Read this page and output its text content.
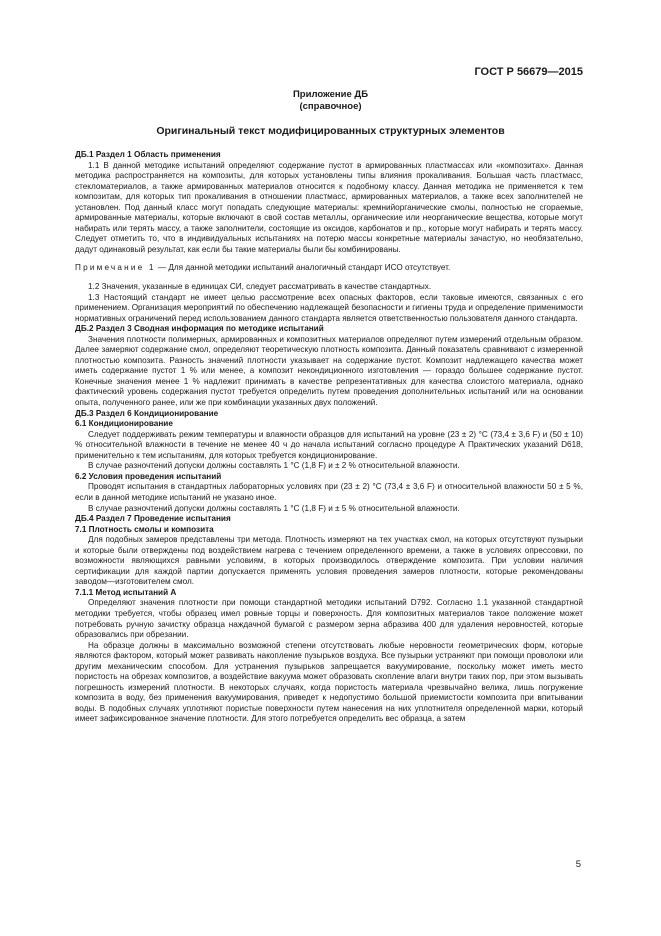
ГОСТ Р 56679—2015
Приложение ДБ
(справочное)
Оригинальный текст модифицированных структурных элементов

ДБ.1 Раздел 1 Область применения

1.1 В данной методике испытаний определяют содержание пустот в армированных пластмассах или «композитах». Данная методика распространяется на композиты, для которых установлены типы влияния прокаливания. Большая часть пластмасс, стекломатериалов, а также армированных материалов относится к подобному классу. Данная методика не применяется к тем композитам, для которых тип прокаливания в отношении пластмасс, армированных материалов, а также всех заполнителей не установлен. Под данный класс могут попадать следующие материалы: кремнийорганические смолы, полностью не сгораемые, армированные материалы, которые включают в свой состав металлы, органические или неорганические вещества, которые могут набирать или терять массу, а также заполнители, состоящие из оксидов, карбонатов и пр., которые могут набирать и терять массу. Следует отметить то, что в индивидуальных испытаниях на потерю массы конкретные материалы зачастую, но необязательно, дадут одинаковый результат, как если бы такие материалы были бы комбинированы.

Примечание 1 — Для данной методики испытаний аналогичный стандарт ИСО отсутствует.

1.2 Значения, указанные в единицах СИ, следует рассматривать в качестве стандартных.

1.3 Настоящий стандарт не имеет целью рассмотрение всех опасных факторов, если таковые имеются, связанных с его применением. Организация мероприятий по обеспечению надлежащей безопасности и гигиены труда и определение применимости нормативных ограничений перед использованием данного стандарта является ответственностью пользователя данного стандарта.

ДБ.2 Раздел 3 Сводная информация по методике испытаний

Значения плотности полимерных, армированных и композитных материалов определяют путем измерений отдельным образом. Далее замеряют содержание смол, определяют теоретическую плотность композита. Данный показатель сравнивают с измеренной плотностью композита. Разность значений плотности указывает на содержание пустот. Композит надлежащего качества может иметь содержание пустот 1 % или менее, а композит некондиционного изготовления — гораздо большее содержание пустот. Конечные значения менее 1 % надлежит принимать в качестве репрезентативных для качества слоистого материала, однако фактический уровень содержания пустот требуется определить путем проведения дополнительных испытаний или на основании опыта, полученного ранее, или же при комбинации указанных двух положений.

ДБ.3 Раздел 6 Кондиционирование

6.1 Кондиционирование

Следует поддерживать режим температуры и влажности образцов для испытаний на уровне (23 ± 2) °С (73,4 ± 3,6 F) и (50 ± 10) % относительной влажности в течение не менее 40 ч до начала испытаний согласно процедуре А Практических указаний D618, применительно к тем испытаниям, для которых требуется кондиционирование.

В случае разночтений допуски должны составлять 1 °С (1,8 F) и ± 2 % относительной влажности.

6.2 Условия проведения испытаний

Проводят испытания в стандартных лабораторных условиях при (23 ± 2) °С (73,4 ± 3,6 F) и относительной влажности 50 ± 5 %, если в данной методике испытаний не указано иное.

В случае разночтений допуски должны составлять 1 °С (1,8 F) и ± 5 % относительной влажности.

ДБ.4 Раздел 7 Проведение испытания

7.1 Плотность смолы и композита

Для подобных замеров представлены три метода. Плотность измеряют на тех участках смол, на которых отсутствуют пузырьки и которые были отверждены под воздействием нагрева с течением определенного времени, а также в условиях опрессовки, по возможности являющихся равными условиям, в которых производилось отверждение композита. При условии наличия сертификации для каждой партии допускается применять условия проведения замеров плотности, которые рекомендованы заводом—изготовителем смол.

7.1.1 Метод испытаний А

Определяют значения плотности при помощи стандартной методики испытаний D792. Согласно 1.1 указанной стандартной методики требуется, чтобы образец имел ровные торцы и поверхность. Для композитных материалов такое положение может потребовать ручную зачистку образца наждачной бумагой с размером зерна абразива 400 для удаления неровностей, которые образовались при обрезании.

На образце должны в максимально возможной степени отсутствовать любые неровности геометрических форм, которые являются фактором, который может развивать накопление пузырьков воздуха. Все пузырьки устраняют при помощи проволоки или другим механическим способом. Для устранения пузырьков запрещается вакуумирование, поскольку может иметь место пористость на обрезах композитов, а воздействие вакуума может образовать скопление влаги внутри таких пор, при этом вызывать погрешность измерений плотности. В некоторых случаях, когда пористость материала чрезвычайно велика, лишь погружение композита в воду, без применения вакуумирования, приведет к недопустимо большой приемистости композита при впитывании воды. В подобных случаях уплотняют пористые поверхности путем нанесения на них уплотнителя определенной марки, который имеет зафиксированное значение плотности. Для этого потребуется определить вес образца, а затем

5
